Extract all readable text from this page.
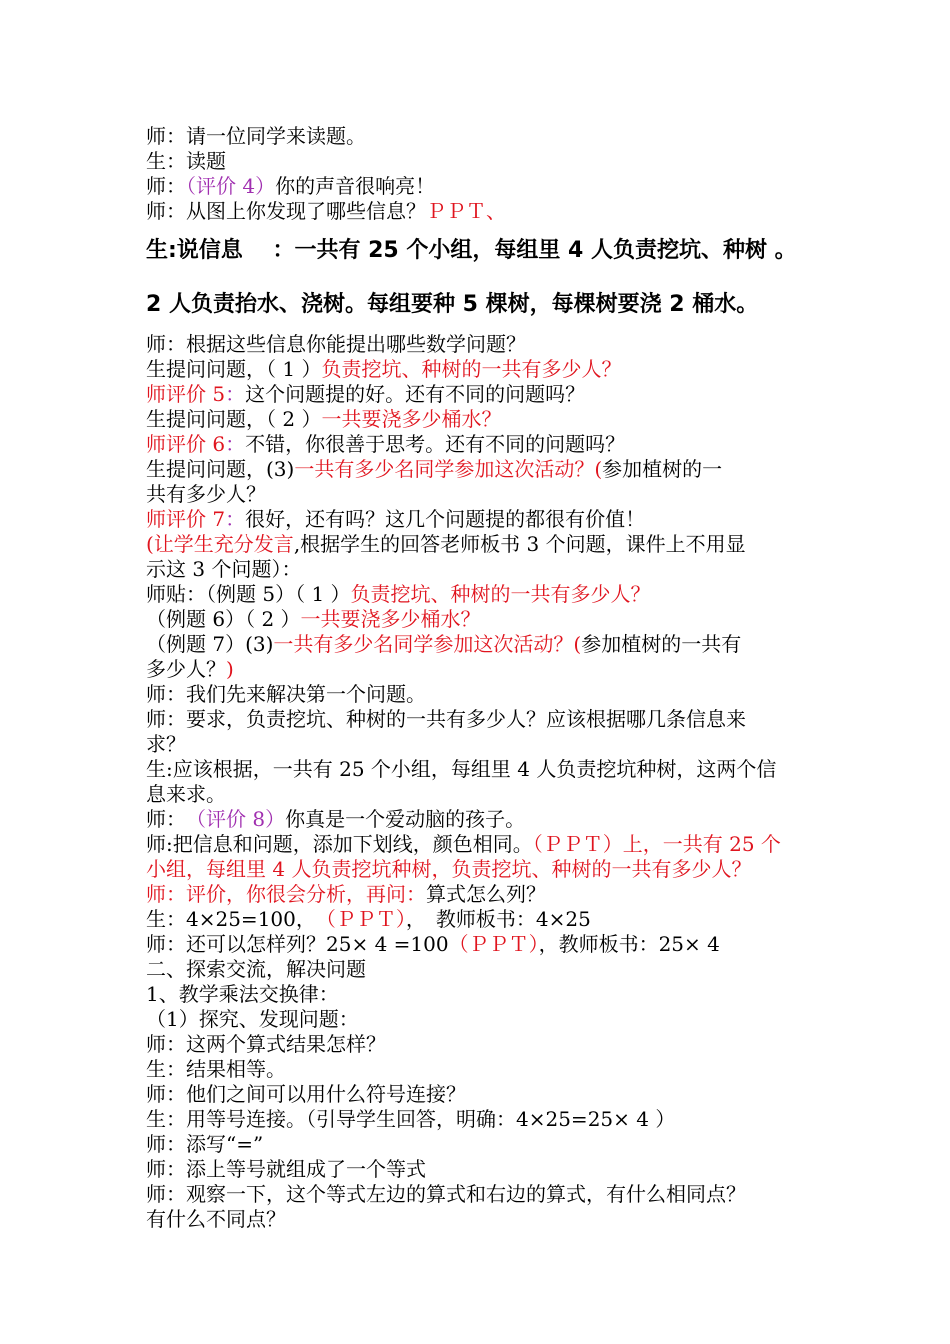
师：请一位同学来读题。
生：读题
师：（评价 4）你的声音很响亮！
师：从图上你发现了哪些信息？ＰＰＴ、
生:说信息　 ：一共有 25 个小组，每组里 4 人负责挖坑、种树 。
2 人负责抬水、浇树。每组要种 5 棵树，每棵树要浇 2 桶水。
师：根据这些信息你能提出哪些数学问题？
生提问问题，（ 1 ）负责挖坑、种树的一共有多少人？
师评价 5：这个问题提的好。还有不同的问题吗？
生提问问题，（ 2 ）一共要浇多少桶水？
师评价 6：不错，你很善于思考。还有不同的问题吗？
生提问问题，(3)一共有多少名同学参加这次活动？(参加植树的一
共有多少人？
师评价 7：很好，还有吗？这几个问题提的都很有价值！
(让学生充分发言,根据学生的回答老师板书 3 个问题，课件上不用显
示这 3 个问题）：
师贴：（例题 5）（ 1 ）负责挖坑、种树的一共有多少人？
（例题 6）（ 2 ）一共要浇多少桶水？
（例题 7）(3)一共有多少名同学参加这次活动？(参加植树的一共有
多少人？)
师：我们先来解决第一个问题。
师：要求，负责挖坑、种树的一共有多少人？应该根据哪几条信息来
求？
生:应该根据，一共有 25 个小组，每组里 4 人负责挖坑种树，这两个信
息来求。
师：　（评价 8）你真是一个爱动脑的孩子。
师:把信息和问题，添加下划线，颜色相同。（ＰＰＴ）上，一共有 25 个
小组，每组里 4 人负责挖坑种树，负责挖坑、种树的一共有多少人？
师：评价，你很会分析，再问：算式怎么列？
生：4×25=100，　（ＰＰＴ），　教师板书：4×25
师：还可以怎样列？25× 4 =100（ＰＰＴ），教师板书：25× 4
二、探索交流，解决问题
1、教学乘法交换律：
（1）探究、发现问题：
师：这两个算式结果怎样？
生：结果相等。
师：他们之间可以用什么符号连接？
生：用等号连接。（引导学生回答，明确：4×25=25× 4 ）
师：添写“=”
师：添上等号就组成了一个等式
师：观察一下，这个等式左边的算式和右边的算式，有什么相同点？
有什么不同点？
